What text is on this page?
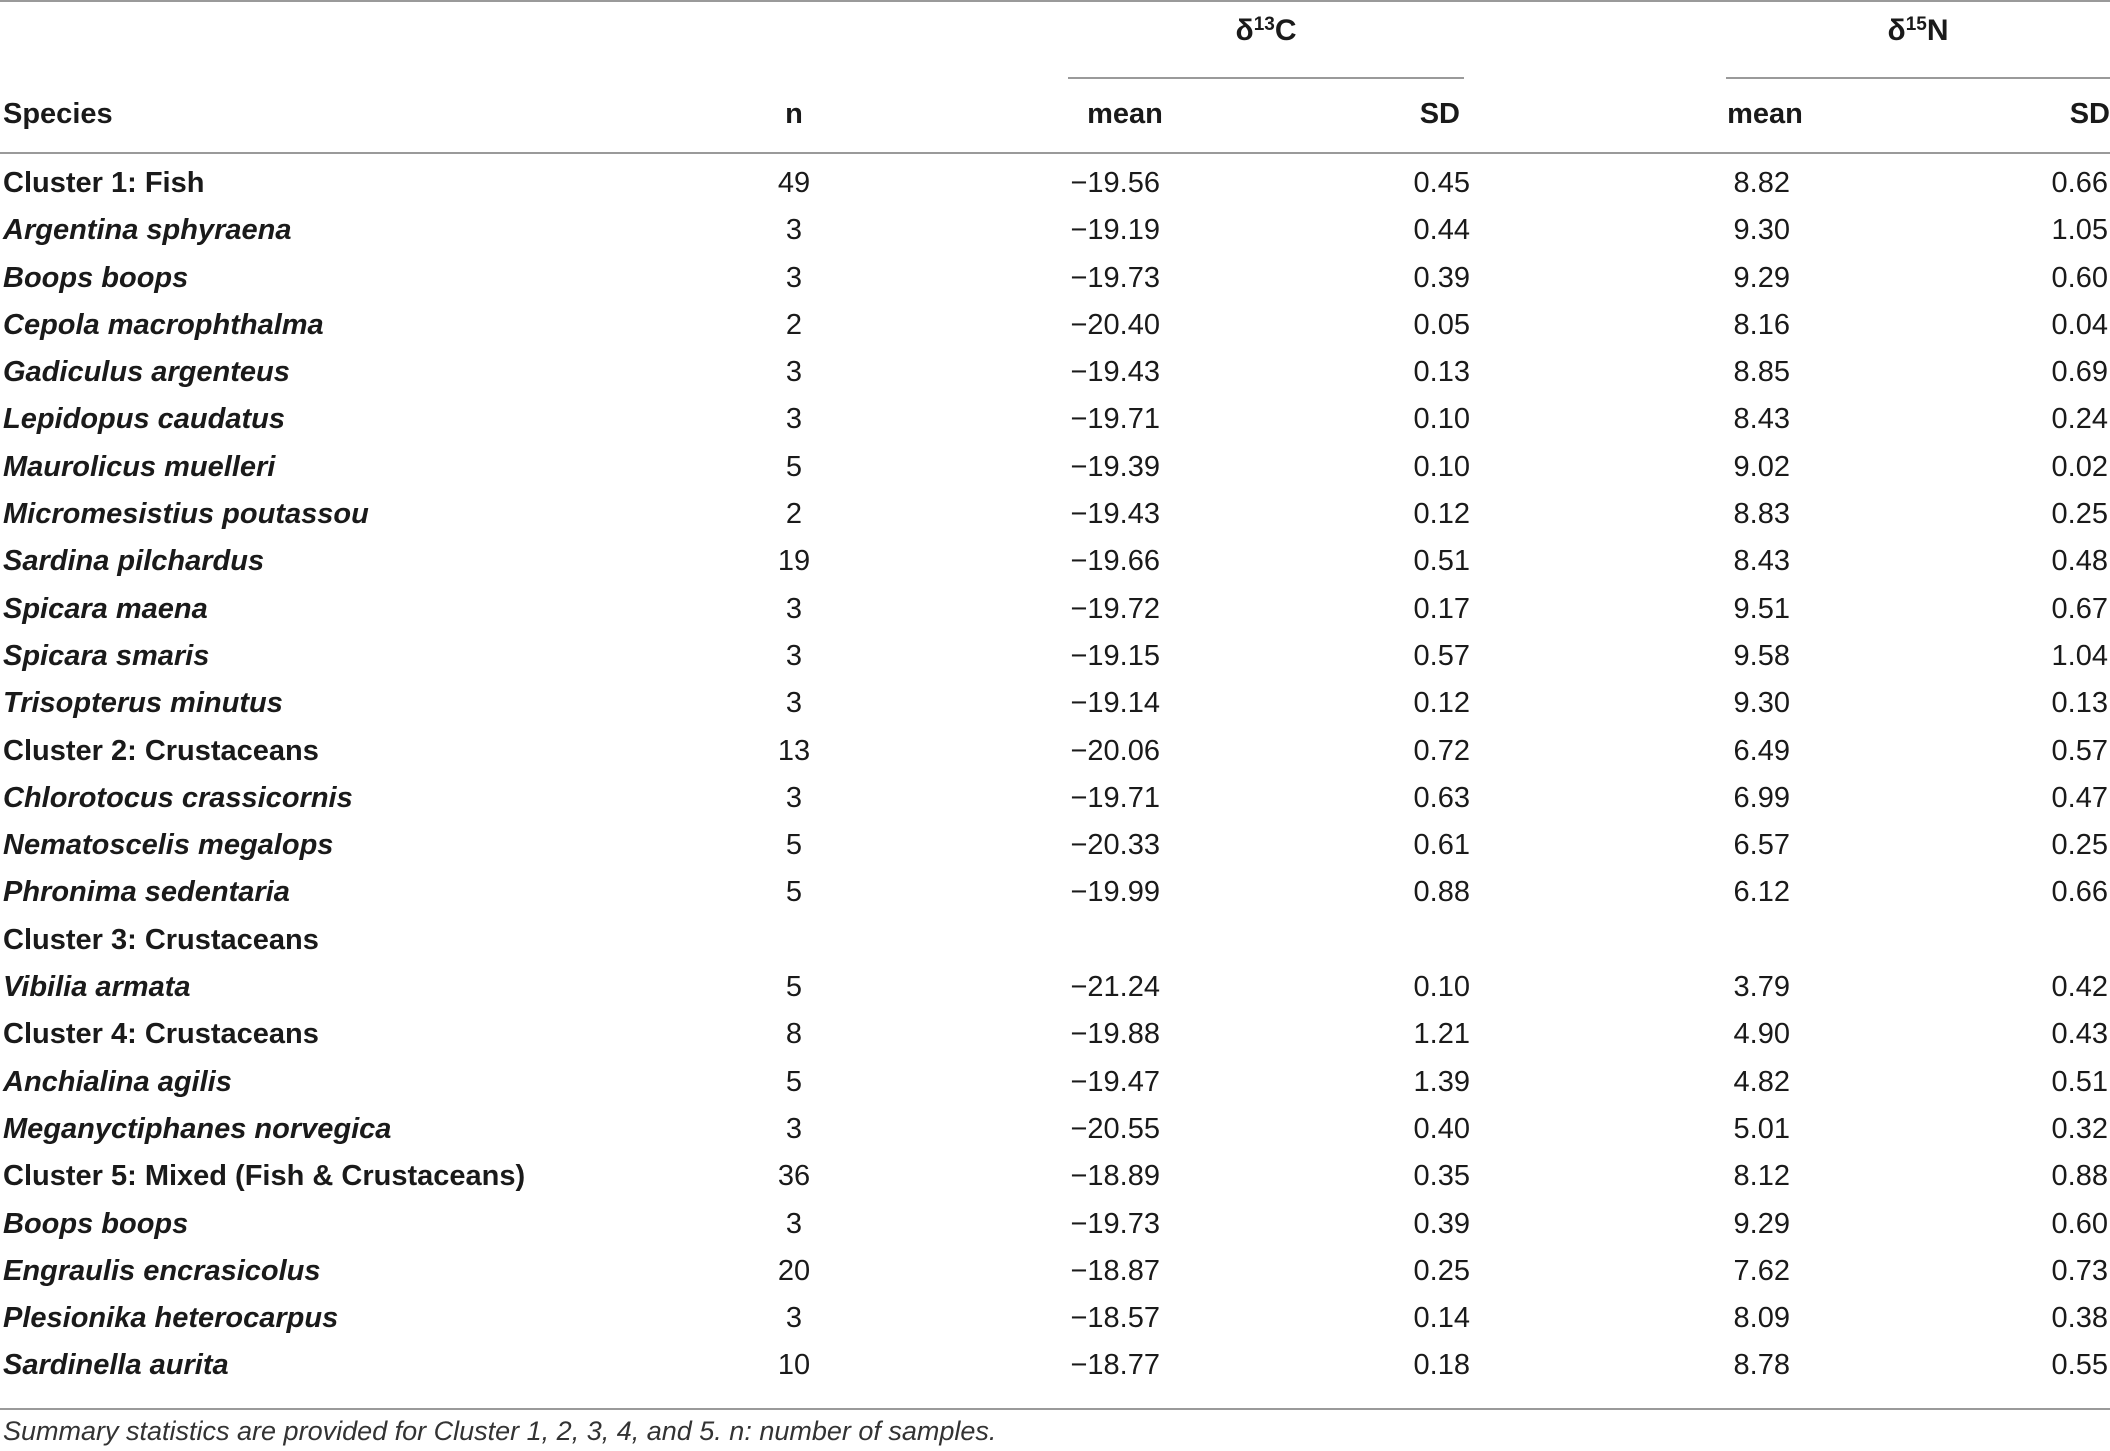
$\delta^{13}C$	$\delta^{15}N$
Species	n	mean	SD	mean	SD
Cluster 1: Fish	49	−19.56	0.45	8.82	0.66
Argentina sphyraena	3	−19.19	0.44	9.30	1.05
Boops boops	3	−19.73	0.39	9.29	0.60
Cepola macrophthalma	2	−20.40	0.05	8.16	0.04
Gadiculus argenteus	3	−19.43	0.13	8.85	0.69
Lepidopus caudatus	3	−19.71	0.10	8.43	0.24
Maurolicus muelleri	5	−19.39	0.10	9.02	0.02
Micromesistius poutassou	2	−19.43	0.12	8.83	0.25
Sardina pilchardus	19	−19.66	0.51	8.43	0.48
Spicara maena	3	−19.72	0.17	9.51	0.67
Spicara smaris	3	−19.15	0.57	9.58	1.04
Trisopterus minutus	3	−19.14	0.12	9.30	0.13
Cluster 2: Crustaceans	13	−20.06	0.72	6.49	0.57
Chlorotocus crassicornis	3	−19.71	0.63	6.99	0.47
Nematoscelis megalops	5	−20.33	0.61	6.57	0.25
Phronima sedentaria	5	−19.99	0.88	6.12	0.66
Cluster 3: Crustaceans
Vibilia armata	5	−21.24	0.10	3.79	0.42
Cluster 4: Crustaceans	8	−19.88	1.21	4.90	0.43
Anchialina agilis	5	−19.47	1.39	4.82	0.51
Meganyctiphanes norvegica	3	−20.55	0.40	5.01	0.32
Cluster 5: Mixed (Fish & Crustaceans)	36	−18.89	0.35	8.12	0.88
Boops boops	3	−19.73	0.39	9.29	0.60
Engraulis encrasicolus	20	−18.87	0.25	7.62	0.73
Plesionika heterocarpus	3	−18.57	0.14	8.09	0.38
Sardinella aurita	10	−18.77	0.18	8.78	0.55
Summary statistics are provided for Cluster 1, 2, 3, 4, and 5. n: number of samples.
